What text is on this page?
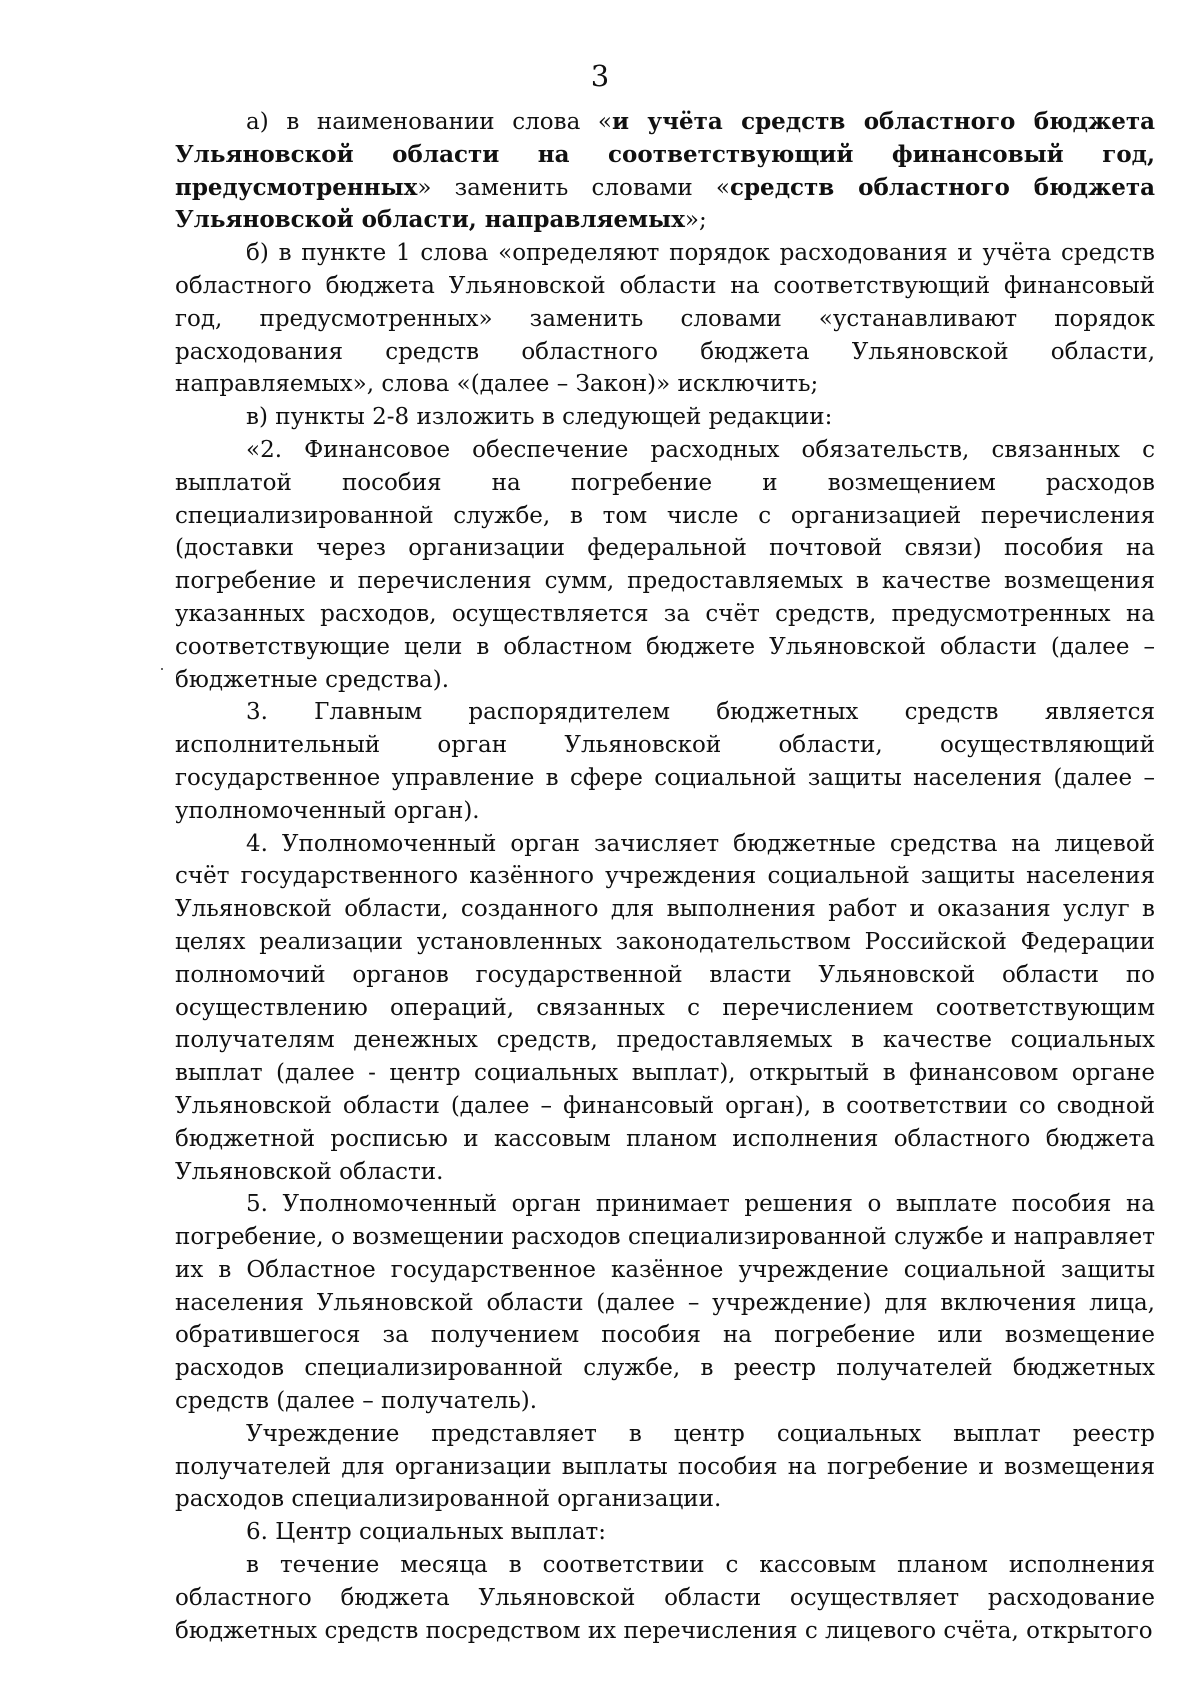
3

а) в наименовании слова «и учёта средств областного бюджета Ульяновской области на соответствующий финансовый год, предусмотренных» заменить словами «средств областного бюджета Ульяновской области, направляемых»;

б) в пункте 1 слова «определяют порядок расходования и учёта средств областного бюджета Ульяновской области на соответствующий финансовый год, предусмотренных» заменить словами «устанавливают порядок расходования средств областного бюджета Ульяновской области, направляемых», слова «(далее – Закон)» исключить;

в) пункты 2-8 изложить в следующей редакции:

«2. Финансовое обеспечение расходных обязательств, связанных с выплатой пособия на погребение и возмещением расходов специализированной службе, в том числе с организацией перечисления (доставки через организации федеральной почтовой связи) пособия на погребение и перечисления сумм, предоставляемых в качестве возмещения указанных расходов, осуществляется за счёт средств, предусмотренных на соответствующие цели в областном бюджете Ульяновской области (далее – бюджетные средства).

3. Главным распорядителем бюджетных средств является исполнительный орган Ульяновской области, осуществляющий государственное управление в сфере социальной защиты населения (далее – уполномоченный орган).

4. Уполномоченный орган зачисляет бюджетные средства на лицевой счёт государственного казённого учреждения социальной защиты населения Ульяновской области, созданного для выполнения работ и оказания услуг в целях реализации установленных законодательством Российской Федерации полномочий органов государственной власти Ульяновской области по осуществлению операций, связанных с перечислением соответствующим получателям денежных средств, предоставляемых в качестве социальных выплат (далее - центр социальных выплат), открытый в финансовом органе Ульяновской области (далее – финансовый орган), в соответствии со сводной бюджетной росписью и кассовым планом исполнения областного бюджета Ульяновской области.

5. Уполномоченный орган принимает решения о выплате пособия на погребение, о возмещении расходов специализированной службе и направляет их в Областное государственное казённое учреждение социальной защиты населения Ульяновской области (далее – учреждение) для включения лица, обратившегося за получением пособия на погребение или возмещение расходов специализированной службе, в реестр получателей бюджетных средств (далее – получатель).

Учреждение представляет в центр социальных выплат реестр получателей для организации выплаты пособия на погребение и возмещения расходов специализированной организации.

6. Центр социальных выплат:

в течение месяца в соответствии с кассовым планом исполнения областного бюджета Ульяновской области осуществляет расходование бюджетных средств посредством их перечисления с лицевого счёта, открытого
